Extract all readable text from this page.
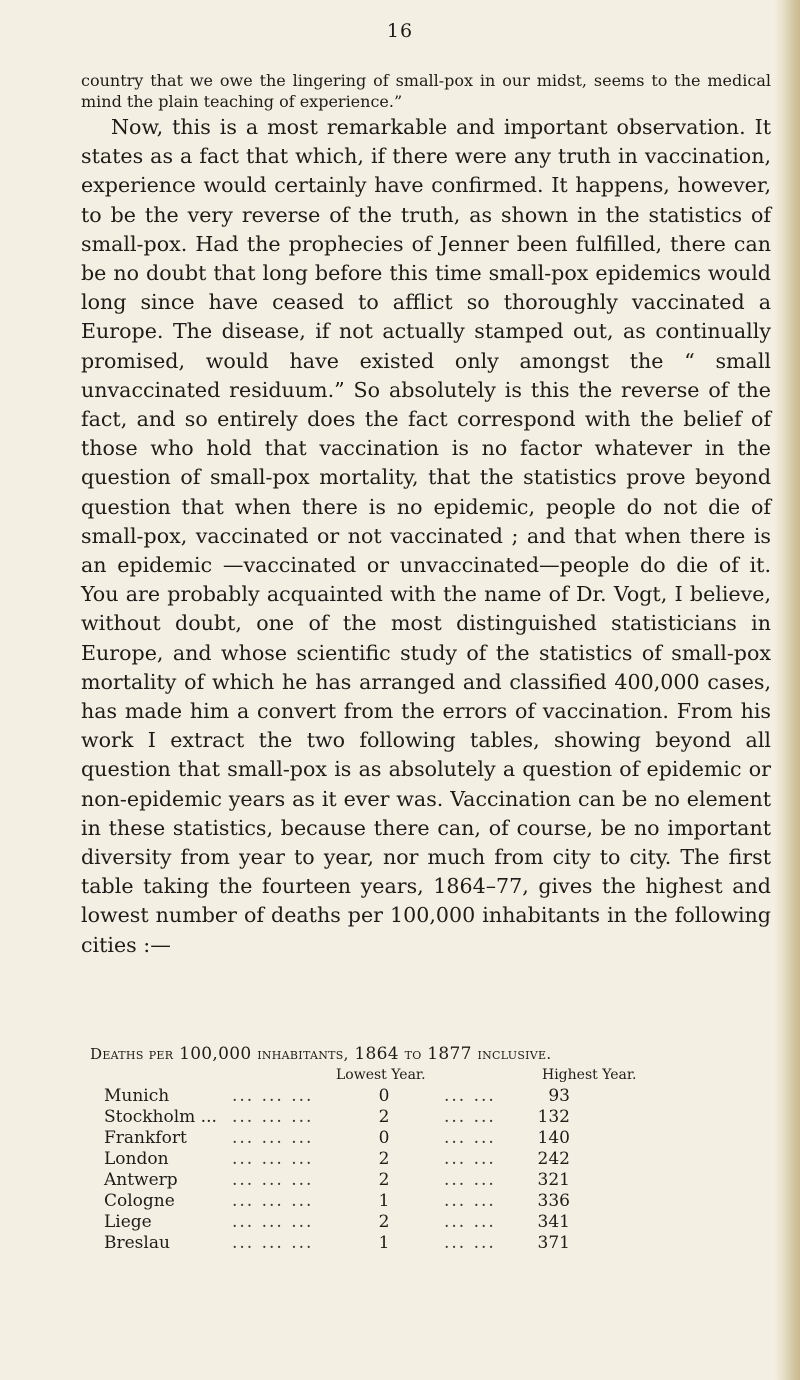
16

country that we owe the lingering of small-pox in our midst, seems to the medical mind the plain teaching of experience.”

Now, this is a most remarkable and important observation. It states as a fact that which, if there were any truth in vaccination, experience would certainly have confirmed. It happens, however, to be the very reverse of the truth, as shown in the statistics of small-pox. Had the prophecies of Jenner been fulfilled, there can be no doubt that long before this time small-pox epidemics would long since have ceased to afflict so thoroughly vaccinated a Europe. The disease, if not actually stamped out, as continually promised, would have existed only amongst the “ small unvaccinated residuum.” So absolutely is this the reverse of the fact, and so entirely does the fact correspond with the belief of those who hold that vaccination is no factor whatever in the question of small-pox mortality, that the statistics prove beyond question that when there is no epidemic, people do not die of small-pox, vaccinated or not vaccinated ; and that when there is an epidemic —vaccinated or unvaccinated—people do die of it. You are probably acquainted with the name of Dr. Vogt, I believe, without doubt, one of the most distinguished statisticians in Europe, and whose scientific study of the statistics of small-pox mortality of which he has arranged and classified 400,000 cases, has made him a convert from the errors of vaccination. From his work I extract the two following tables, showing beyond all question that small-pox is as absolutely a question of epidemic or non-epidemic years as it ever was. Vaccination can be no element in these statistics, because there can, of course, be no important diversity from year to year, nor much from city to city. The first table taking the fourteen years, 1864–77, gives the highest and lowest number of deaths per 100,000 inhabitants in the following cities :—

Deaths per 100,000 inhabitants, 1864 to 1877 inclusive.
Lowest Year.	Highest Year.
Munich	... ... ...	0	... ...	93
Stockholm ... ... ... ...	2	... ...	132
Frankfort	... ... ...	0	... ...	140
London	... ... ...	2	... ...	242
Antwerp	... ... ...	2	... ...	321
Cologne	... ... ...	1	... ...	336
Liege	... ... ...	2	... ...	341
Breslau	... ... ...	1	... ...	371
